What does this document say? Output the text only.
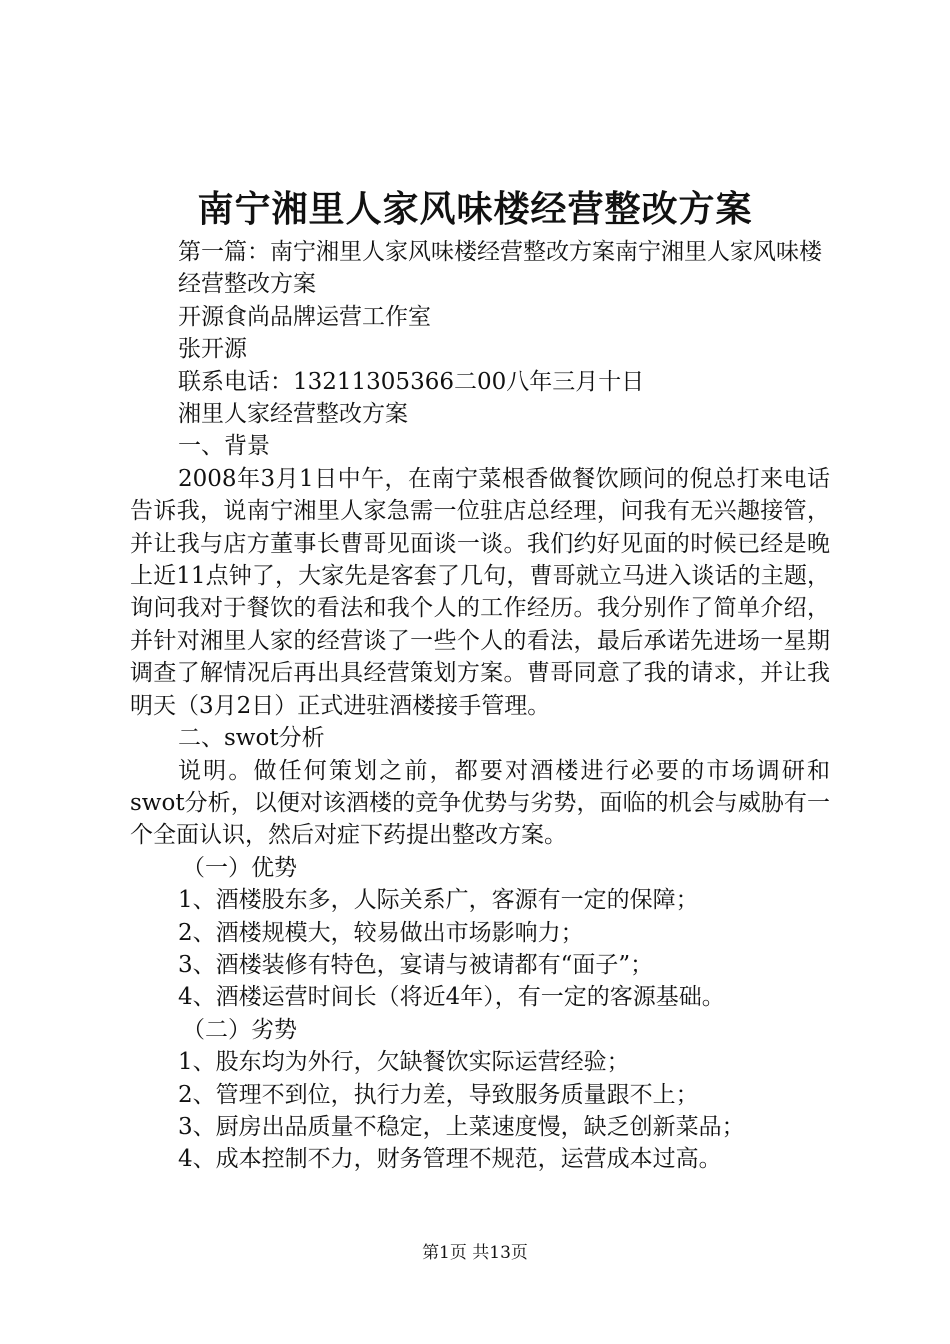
南宁湘里人家风味楼经营整改方案

第一篇：南宁湘里人家风味楼经营整改方案南宁湘里人家风味楼

经营整改方案

开源食尚品牌运营工作室

张开源

联系电话：13211305366二00八年三月十日

湘里人家经营整改方案

一、背景

2008年3月1日中午，在南宁菜根香做餐饮顾问的倪总打来电话告诉我，说南宁湘里人家急需一位驻店总经理，问我有无兴趣接管，并让我与店方董事长曹哥见面谈一谈。我们约好见面的时候已经是晚上近11点钟了，大家先是客套了几句，曹哥就立马进入谈话的主题，询问我对于餐饮的看法和我个人的工作经历。我分别作了简单介绍，并针对湘里人家的经营谈了一些个人的看法，最后承诺先进场一星期调查了解情况后再出具经营策划方案。曹哥同意了我的请求，并让我明天（3月2日）正式进驻酒楼接手管理。

二、swot分析

说明。做任何策划之前，都要对酒楼进行必要的市场调研和swot分析，以便对该酒楼的竞争优势与劣势，面临的机会与威胁有一个全面认识，然后对症下药提出整改方案。

（一）优势

1、酒楼股东多，人际关系广，客源有一定的保障；

2、酒楼规模大，较易做出市场影响力；

3、酒楼装修有特色，宴请与被请都有“面子”；

4、酒楼运营时间长（将近4年），有一定的客源基础。

（二）劣势

1、股东均为外行，欠缺餐饮实际运营经验；

2、管理不到位，执行力差，导致服务质量跟不上；

3、厨房出品质量不稳定，上菜速度慢，缺乏创新菜品；

4、成本控制不力，财务管理不规范，运营成本过高。

第1页 共13页
